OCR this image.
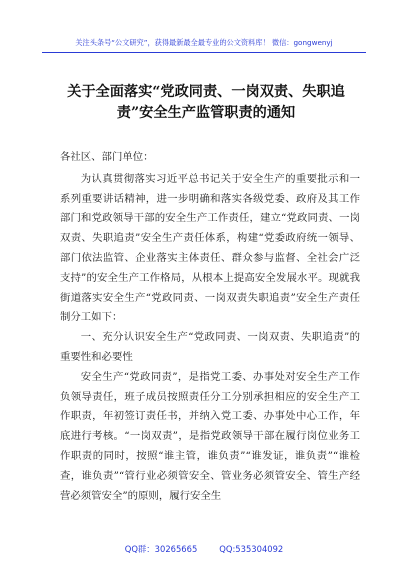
关注头条号“公文研究”，获得最新最全最专业的公文资料库！ 微信：gongwenyj
关于全面落实“党政同责、一岗双责、失职追责”安全生产监管职责的通知

各社区、部门单位：

为认真贯彻落实习近平总书记关于安全生产的重要批示和一系列重要讲话精神，进一步明确和落实各级党委、政府及其工作部门和党政领导干部的安全生产工作责任，建立“党政同责、一岗双责、失职追责”安全生产责任体系，构建“党委政府统一领导、部门依法监管、企业落实主体责任、群众参与监督、全社会广泛支持”的安全生产工作格局，从根本上提高安全发展水平。现就我街道落实安全生产“党政同责、一岗双责失职追责”安全生产责任制分工如下：

一、充分认识安全生产“党政同责、一岗双责、失职追责”的重要性和必要性

安全生产“党政同责”，是指党工委、办事处对安全生产工作负领导责任，班子成员按照责任分工分别承担相应的安全生产工作职责，年初签订责任书，并纳入党工委、办事处中心工作，年底进行考核。“一岗双责”，是指党政领导干部在履行岗位业务工作职责的同时，按照“谁主管，谁负责”“谁发证，谁负责”“谁检查，谁负责”“管行业必须管安全、管业务必须管安全、管生产经营必须管安全”的原则，履行安全生

QQ群：30265665	QQ:535304092
